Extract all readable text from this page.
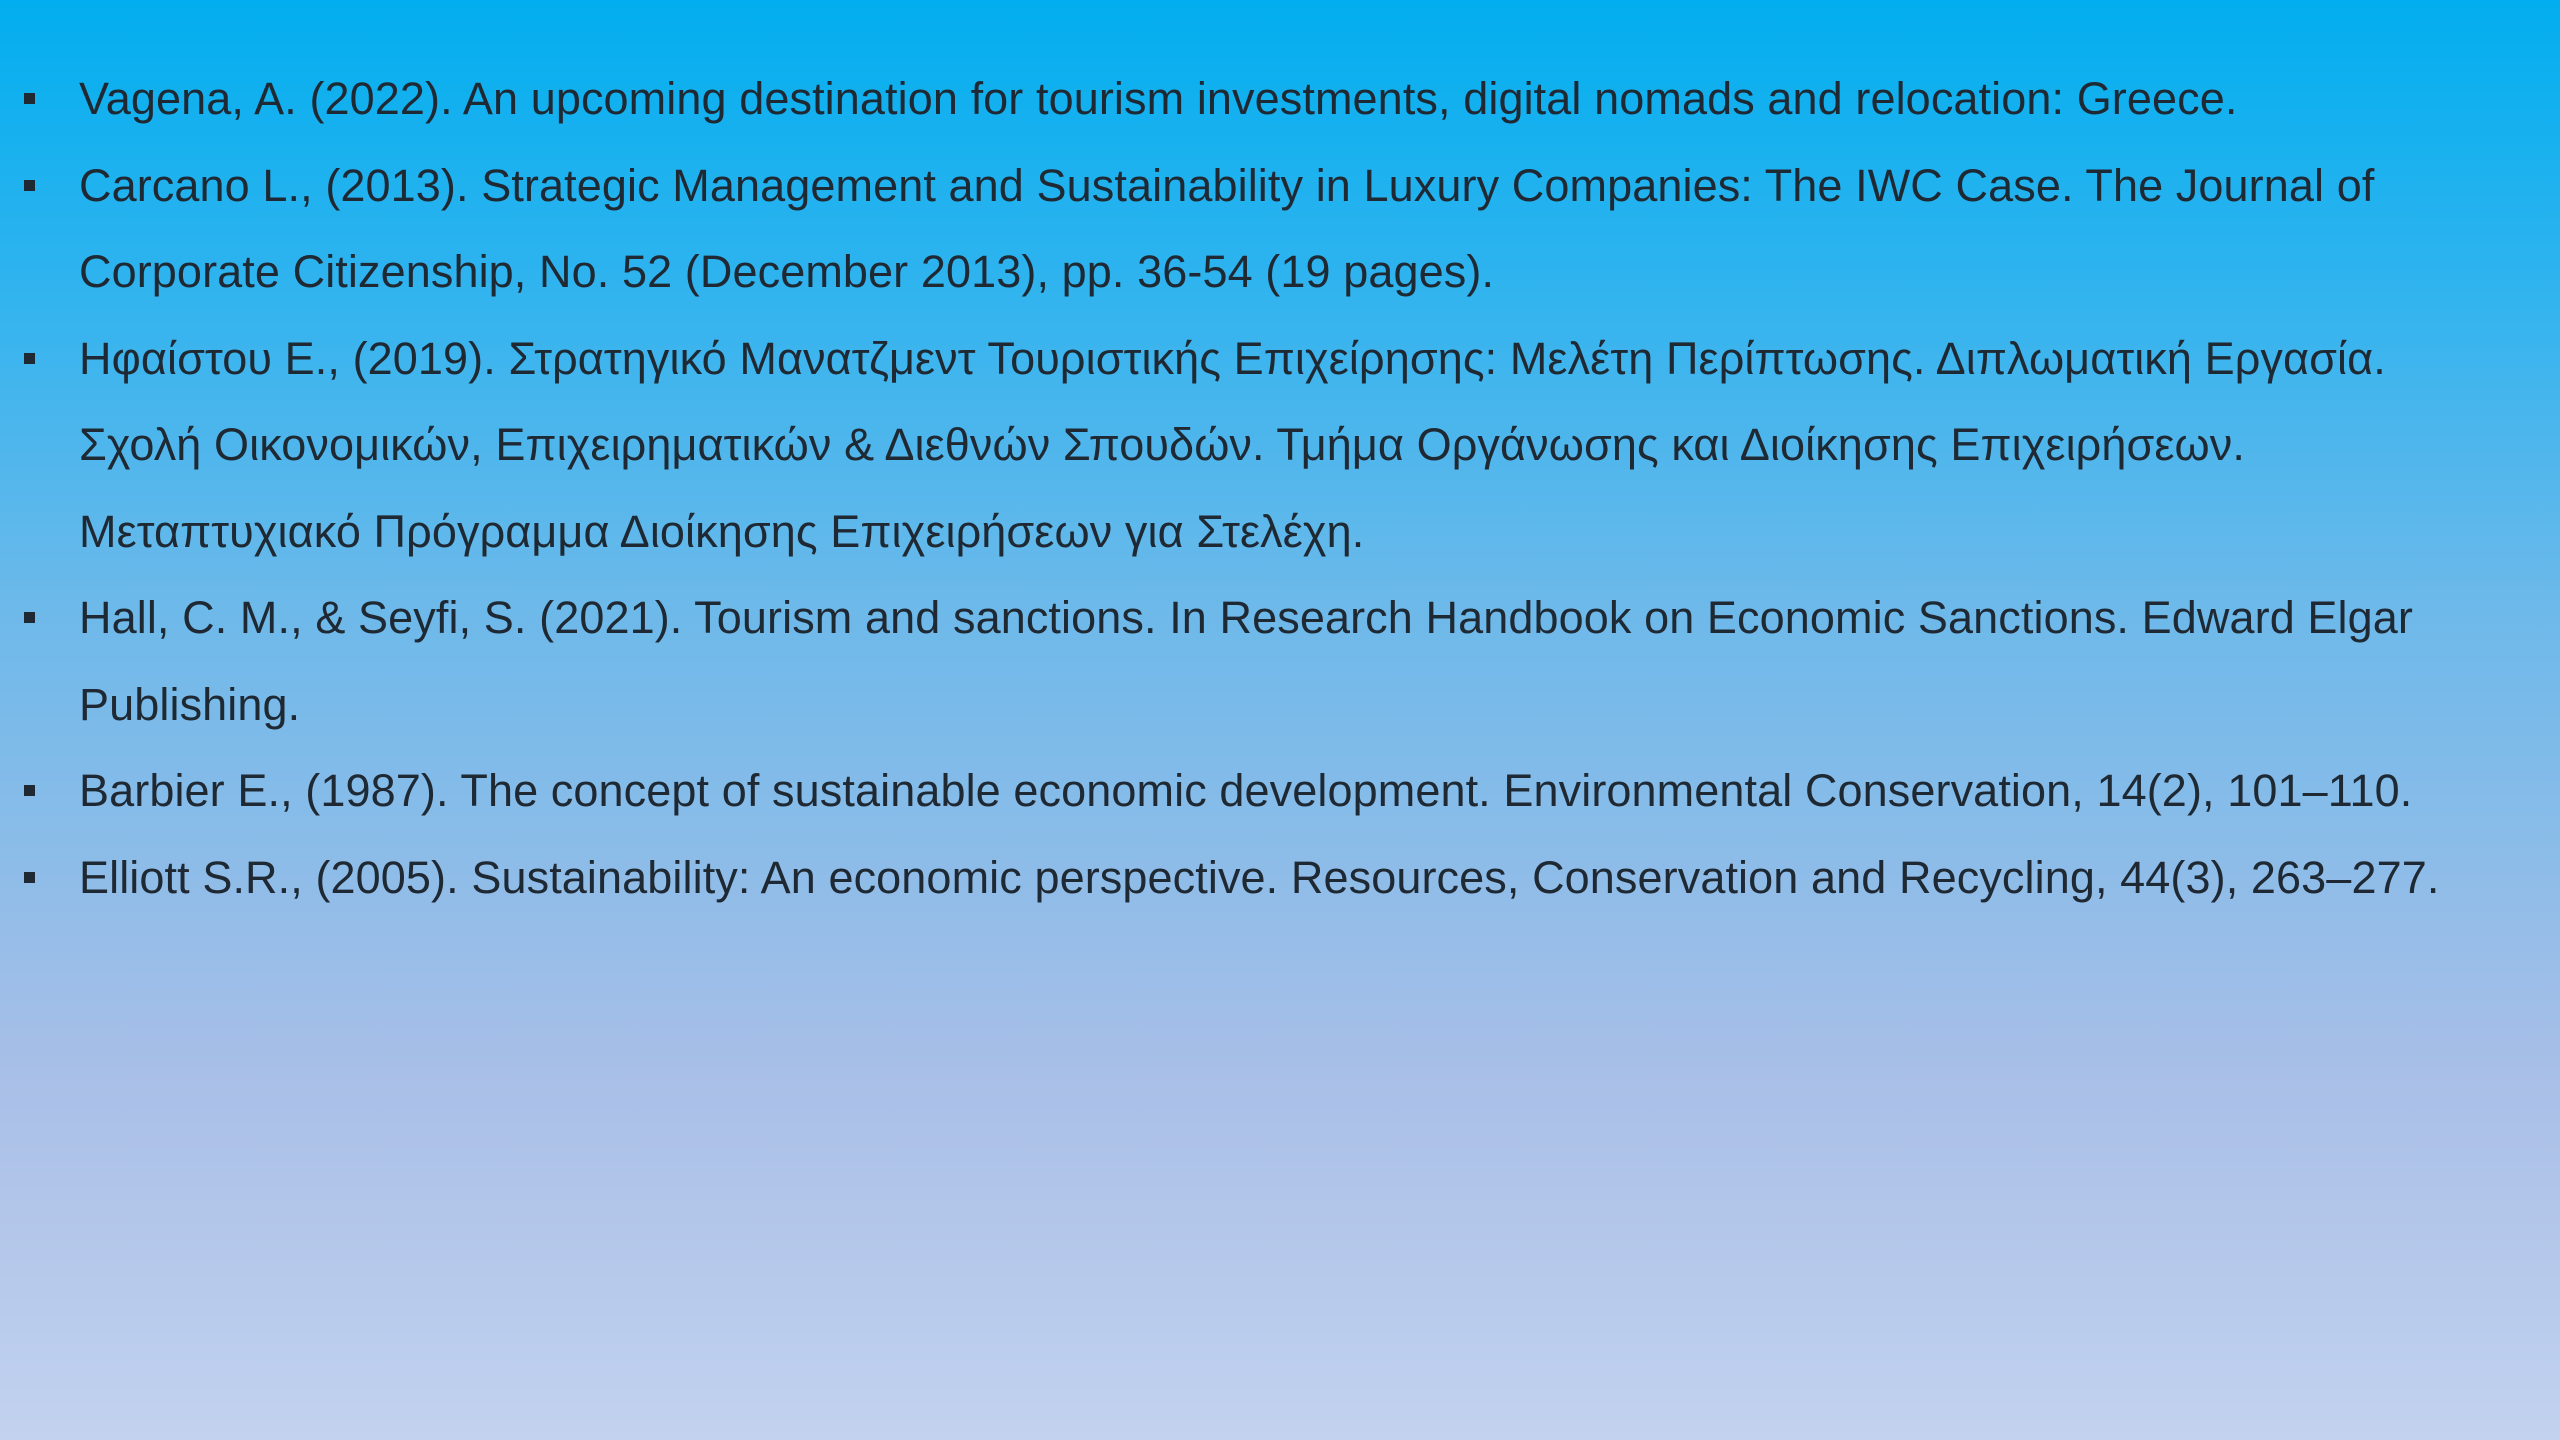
Vagena, A. (2022). An upcoming destination for tourism investments, digital nomads and relocation: Greece.
Carcano L., (2013). Strategic Management and Sustainability in Luxury Companies: The IWC Case. The Journal of Corporate Citizenship, No. 52 (December 2013), pp. 36-54 (19 pages).
Ηφαίστου Ε., (2019). Στρατηγικό Μανατζμεντ Τουριστικής Επιχείρησης: Μελέτη Περίπτωσης. Διπλωματική Εργασία. Σχολή Οικονομικών, Επιχειρηματικών & Διεθνών Σπουδών. Τμήμα Οργάνωσης και Διοίκησης Επιχειρήσεων. Μεταπτυχιακό Πρόγραμμα Διοίκησης Επιχειρήσεων για Στελέχη.
Hall, C. M., & Seyfi, S. (2021). Tourism and sanctions. In Research Handbook on Economic Sanctions. Edward Elgar Publishing.
Barbier E., (1987). The concept of sustainable economic development. Environmental Conservation, 14(2), 101–110.
Elliott S.R., (2005). Sustainability: An economic perspective. Resources, Conservation and Recycling, 44(3), 263–277.
